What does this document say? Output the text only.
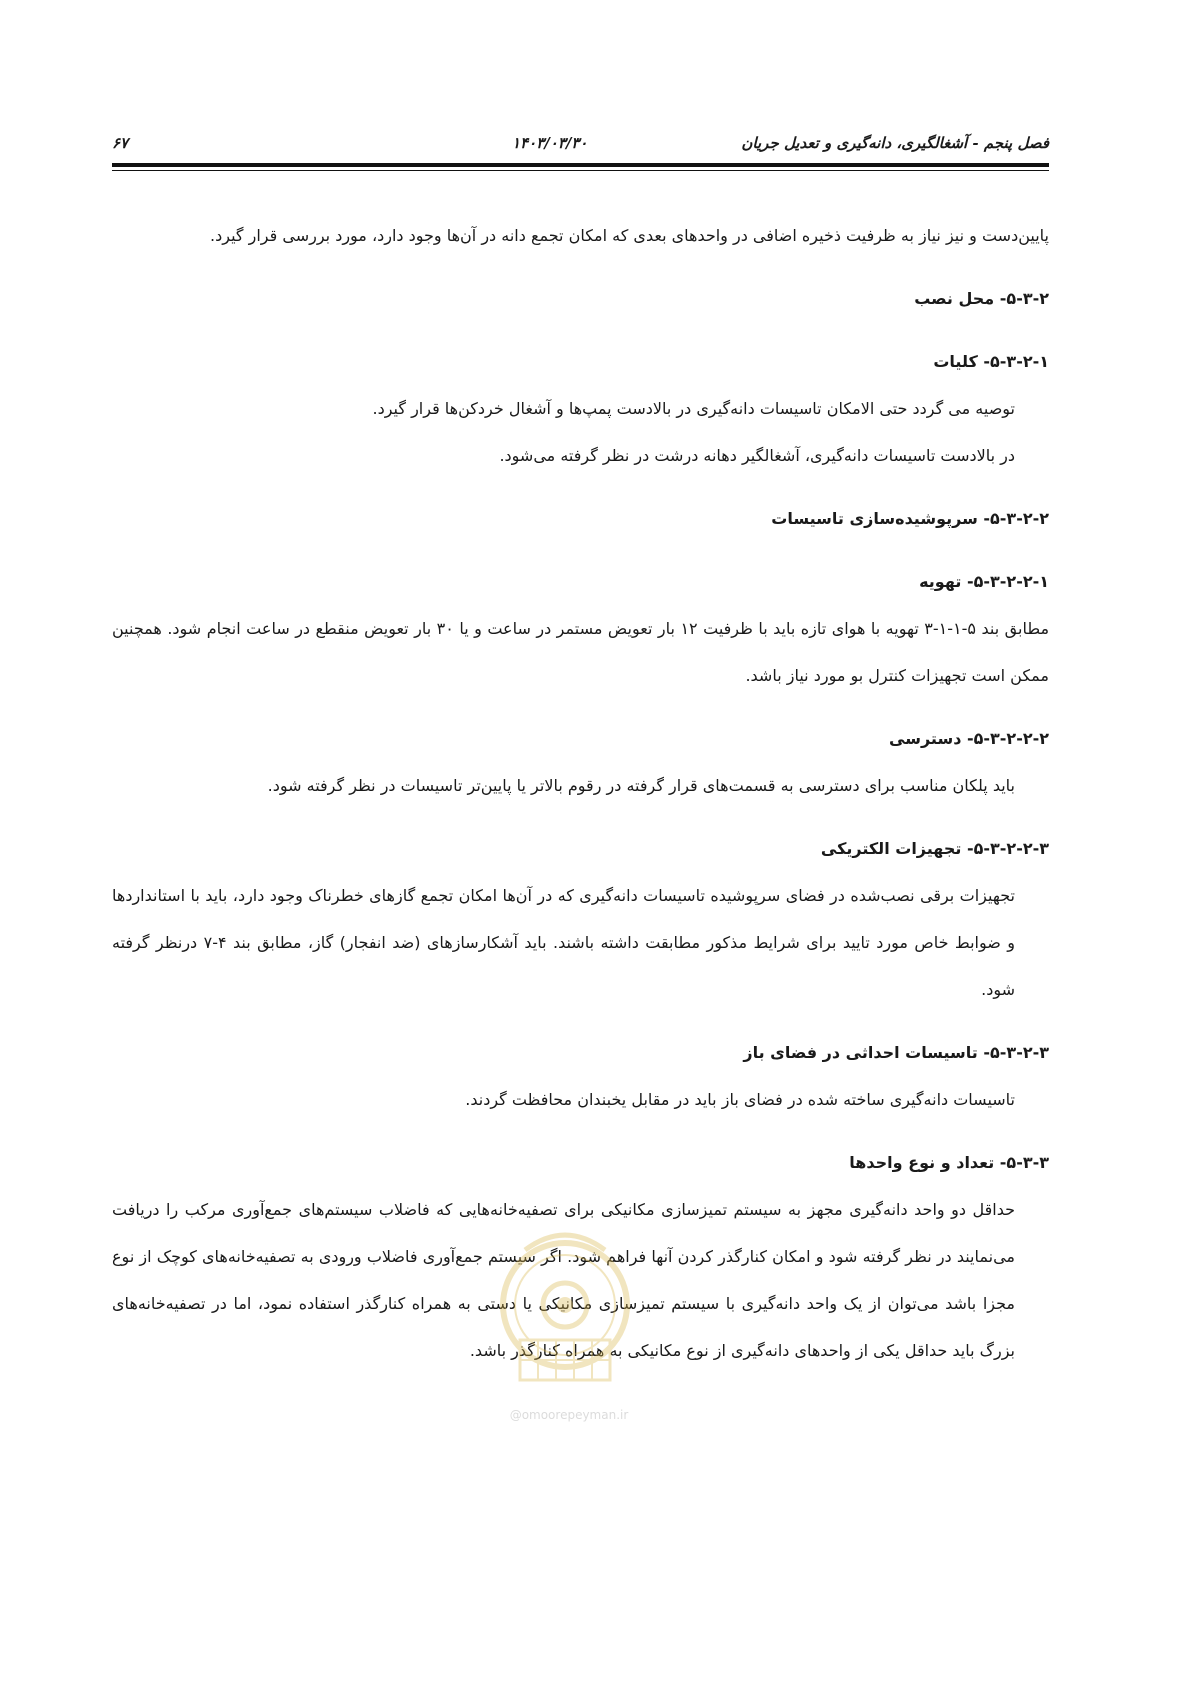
فصل پنجم - آشغالگیری، دانه‌گیری و تعدیل جریان
۱۴۰۳/۰۳/۳۰
۶۷

پایین‌دست و نیز نیاز به ظرفیت ذخیره اضافی در واحدهای بعدی که امکان تجمع دانه در آن‌ها وجود دارد، مورد بررسی قرار گیرد.

۵-۳-۲- محل نصب

۵-۳-۲-۱- کلیات

توصیه می گردد حتی الامکان تاسیسات دانه‌گیری در بالادست پمپ‌ها و آشغال خردکن‌ها قرار گیرد.

در بالادست تاسیسات دانه‌گیری، آشغالگیر دهانه درشت در نظر گرفته می‌شود.

۵-۳-۲-۲- سرپوشیده‌سازی تاسیسات

۵-۳-۲-۲-۱- تهویه

مطابق بند ۵-۱-۱-۳ تهویه با هوای تازه باید با ظرفیت ۱۲ بار تعویض مستمر در ساعت و یا ۳۰ بار تعویض منقطع در ساعت انجام شود. همچنین ممکن است تجهیزات کنترل بو مورد نیاز باشد.

۵-۳-۲-۲-۲- دسترسی

باید پلکان مناسب برای دسترسی به قسمت‌های قرار گرفته در رقوم بالاتر یا پایین‌تر تاسیسات در نظر گرفته شود.

۵-۳-۲-۲-۳- تجهیزات الکتریکی

تجهیزات برقی نصب‌شده در فضای سرپوشیده تاسیسات دانه‌گیری که در آن‌ها امکان تجمع گازهای خطرناک وجود دارد، باید با استانداردها و ضوابط خاص مورد تایید برای شرایط مذکور مطابقت داشته باشند. باید آشکارسازهای (ضد انفجار) گاز، مطابق بند ۴-۷ درنظر گرفته شود.

۵-۳-۲-۳- تاسیسات احداثی در فضای باز

تاسیسات دانه‌گیری ساخته شده در فضای باز باید در مقابل یخبندان محافظت گردند.

۵-۳-۳- تعداد و نوع واحدها

حداقل دو واحد دانه‌گیری مجهز به سیستم تمیزسازی مکانیکی برای تصفیه‌خانه‌هایی که فاضلاب سیستم‌های جمع‌آوری مرکب را دریافت می‌نمایند در نظر گرفته شود و امکان کنارگذر کردن آنها فراهم شود. اگر سیستم جمع‌آوری فاضلاب ورودی به تصفیه‌خانه‌های کوچک از نوع مجزا باشد می‌توان از یک واحد دانه‌گیری با سیستم تمیزسازی مکانیکی یا دستی به همراه کنارگذر استفاده نمود، اما در تصفیه‌خانه‌های بزرگ باید حداقل یکی از واحدهای دانه‌گیری از نوع مکانیکی به همراه کنارگذر باشد.

@omoorepeyman.ir
